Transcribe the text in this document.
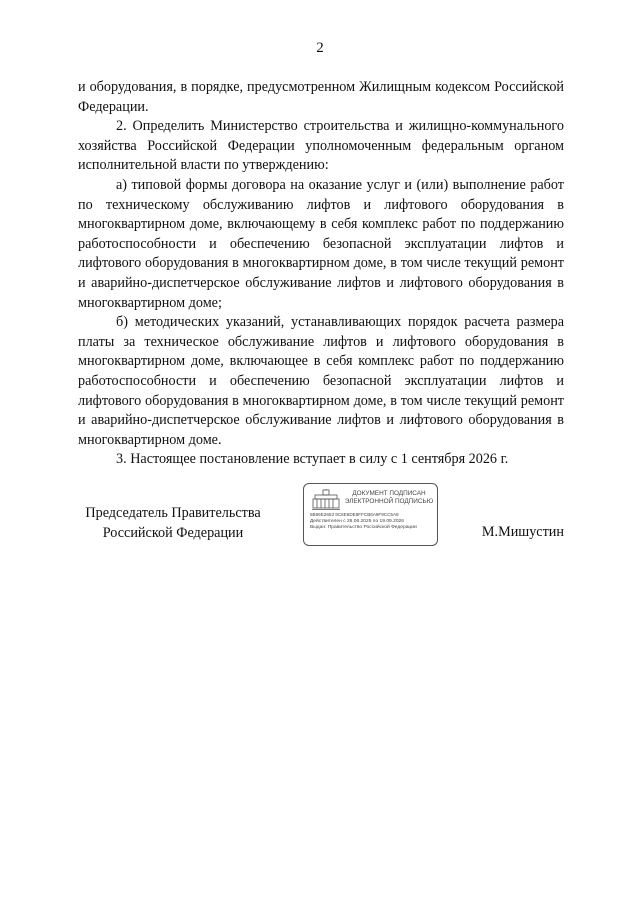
2

и оборудования, в порядке, предусмотренном Жилищным кодексом Российской Федерации.

2. Определить Министерство строительства и жилищно-коммунального хозяйства Российской Федерации уполномоченным федеральным органом исполнительной власти по утверждению:

а) типовой формы договора на оказание услуг и (или) выполнение работ по техническому обслуживанию лифтов и лифтового оборудования в многоквартирном доме, включающему в себя комплекс работ по поддержанию работоспособности и обеспечению безопасной эксплуатации лифтов и лифтового оборудования в многоквартирном доме, в том числе текущий ремонт и аварийно-диспетчерское обслуживание лифтов и лифтового оборудования в многоквартирном доме;

б) методических указаний, устанавливающих порядок расчета размера платы за техническое обслуживание лифтов и лифтового оборудования в многоквартирном доме, включающее в себя комплекс работ по поддержанию работоспособности и обеспечению безопасной эксплуатации лифтов и лифтового оборудования в многоквартирном доме, в том числе текущий ремонт и аварийно-диспетчерское обслуживание лифтов и лифтового оборудования в многоквартирном доме.

3. Настоящее постановление вступает в силу с 1 сентября 2026 г.

Председатель Правительства
Российской Федерации
ДОКУМЕНТ ПОДПИСАН ЭЛЕКТРОННОЙ ПОДПИСЬЮ
5B66E2653 9C6E6DE8FFCB6A9F9CC5A9
Действителен с 26.06.2025 по 19.09.2026
Выдан: Правительство Российской Федерации	М.Мишустин
